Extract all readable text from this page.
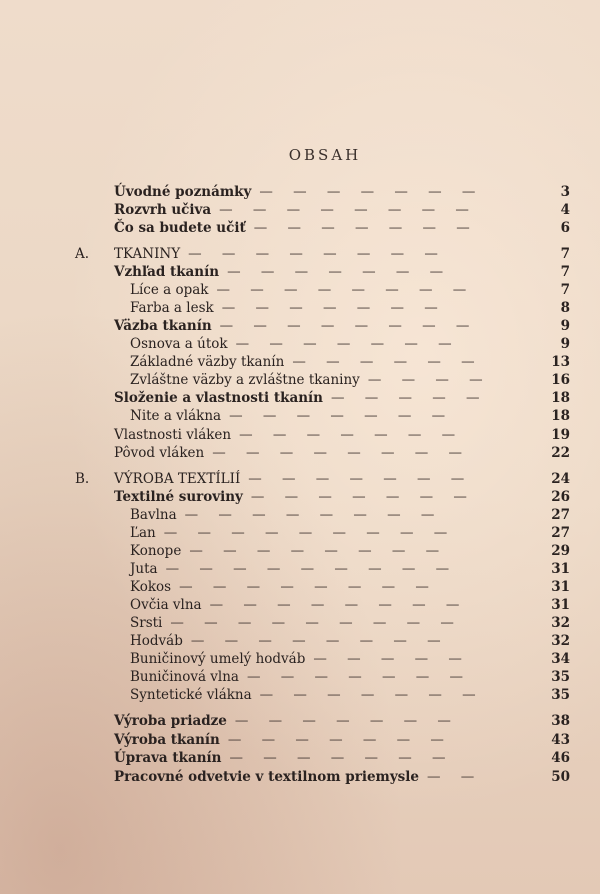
OBSAH
Úvodné poznámky	3
—  —  —  —  —  —  —  
Rozvrh učiva	4
—  —  —  —  —  —  —  —  
Čo sa budete učiť	6
—  —  —  —  —  —  —  
A. TKANINY	7
—  —  —  —  —  —  —  —  
Vzhľad tkanín	7
—  —  —  —  —  —  —  
Líce a opak	7
—  —  —  —  —  —  —  —  
Farba a lesk	8
—  —  —  —  —  —  —  
Väzba tkanín	9
—  —  —  —  —  —  —  —  
Osnova a útok	9
—  —  —  —  —  —  —  
Základné väzby tkanín	13
—  —  —  —  —  —  
Zvláštne väzby a zvláštne tkaniny	16
—  —  —  —  
Složenie a vlastnosti tkanín	18
—  —  —  —  —  
Nite a vlákna	18
—  —  —  —  —  —  —  
Vlastnosti vláken	19
—  —  —  —  —  —  —  
Pôvod vláken	22
—  —  —  —  —  —  —  —  
B. VÝROBA TEXTÍLIÍ	24
—  —  —  —  —  —  —  
Textilné suroviny	26
—  —  —  —  —  —  —  
Bavlna	27
—  —  —  —  —  —  —  —  
Ľan	27
—  —  —  —  —  —  —  —  —  
Konope	29
—  —  —  —  —  —  —  —  
Juta	31
—  —  —  —  —  —  —  —  —  
Kokos	31
—  —  —  —  —  —  —  —  
Ovčia vlna	31
—  —  —  —  —  —  —  —  
Srsti	32
—  —  —  —  —  —  —  —  —  
Hodváb	32
—  —  —  —  —  —  —  —  
Buničinový umelý hodváb	34
—  —  —  —  —  
Buničinová vlna	35
—  —  —  —  —  —  —  
Syntetické vlákna	35
—  —  —  —  —  —  —  
Výroba priadze	38
—  —  —  —  —  —  —  
Výroba tkanín	43
—  —  —  —  —  —  —  
Úprava tkanín	46
—  —  —  —  —  —  —  
Pracovné odvetvie v textilnom priemysle	50
—  —  
